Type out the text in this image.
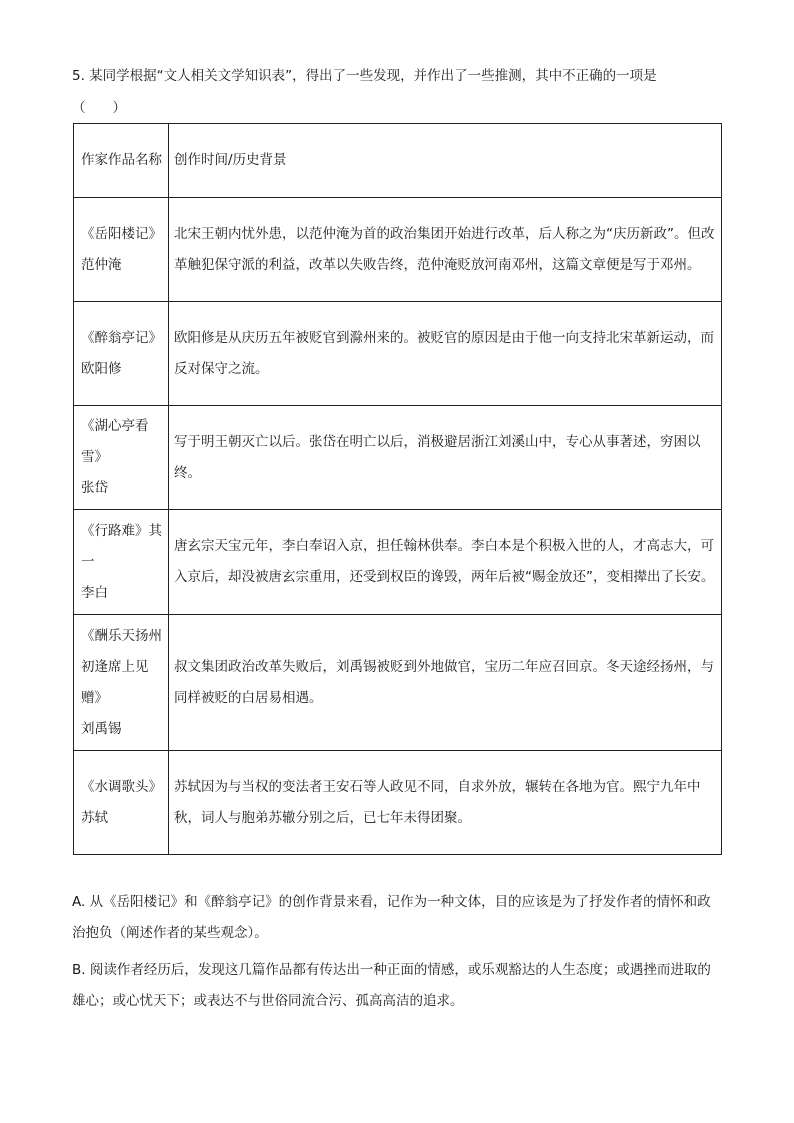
5. 某同学根据“文人相关文学知识表”，得出了一些发现，并作出了一些推测，其中不正确的一项是
（　　）
作家作品名称	创作时间/历史背景
《岳阳楼记》
范仲淹	北宋王朝内忧外患，以范仲淹为首的政治集团开始进行改革，后人称之为“庆历新政”。但改革触犯保守派的利益，改革以失败告终，范仲淹贬放河南邓州，这篇文章便是写于邓州。
《醉翁亭记》
欧阳修	欧阳修是从庆历五年被贬官到滁州来的。被贬官的原因是由于他一向支持北宋革新运动，而反对保守之流。
《湖心亭看雪》
张岱	写于明王朝灭亡以后。张岱在明亡以后，消极避居浙江刘溪山中，专心从事著述，穷困以终。
《行路难》其一
李白	唐玄宗天宝元年，李白奉诏入京，担任翰林供奉。李白本是个积极入世的人，才高志大，可入京后，却没被唐玄宗重用，还受到权臣的谗毁，两年后被“赐金放还”，变相撵出了长安。
《酬乐天扬州初逢席上见赠》
刘禹锡	叔文集团政治改革失败后，刘禹锡被贬到外地做官，宝历二年应召回京。冬天途经扬州，与同样被贬的白居易相遇。
《水调歌头》
苏轼	苏轼因为与当权的变法者王安石等人政见不同，自求外放，辗转在各地为官。熙宁九年中秋，词人与胞弟苏辙分别之后，已七年未得团聚。
A. 从《岳阳楼记》和《醉翁亭记》的创作背景来看，记作为一种文体，目的应该是为了抒发作者的情怀和政治抱负（阐述作者的某些观念）。
B. 阅读作者经历后，发现这几篇作品都有传达出一种正面的情感，或乐观豁达的人生态度；或遇挫而进取的雄心；或心忧天下；或表达不与世俗同流合污、孤高高洁的追求。
